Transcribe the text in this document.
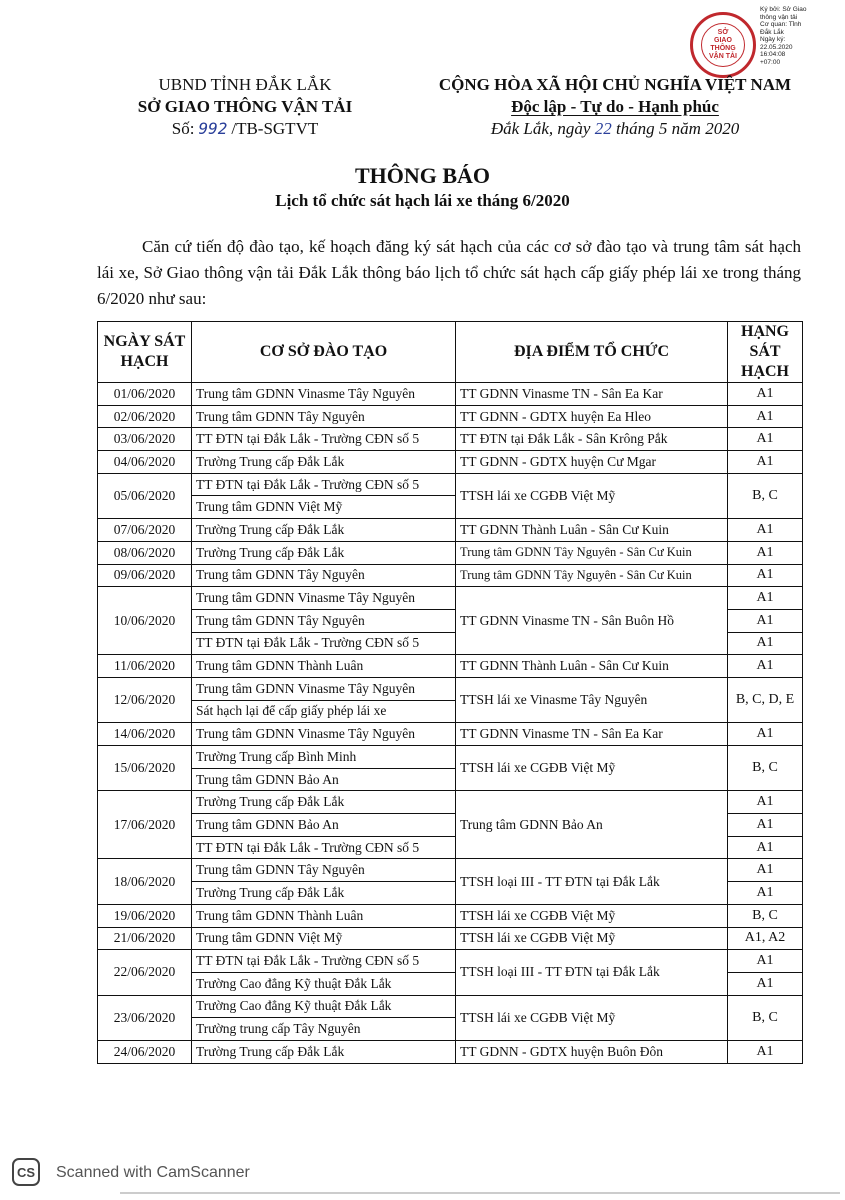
SỞ
GIAO THÔNG
VẬN TẢI
Ký bởi: Sở Giao
thông vận tải
Cơ quan: Tỉnh
Đắk Lắk
Ngày ký:
22.05.2020
16:04:08
+07:00
UBND TỈNH ĐẮK LẮK
SỞ GIAO THÔNG VẬN TẢI
Số: 992 /TB-SGTVT
CỘNG HÒA XÃ HỘI CHỦ NGHĨA VIỆT NAM
Độc lập - Tự do - Hạnh phúc
Đắk Lắk, ngày 22 tháng 5 năm 2020
THÔNG BÁO
Lịch tổ chức sát hạch lái xe tháng 6/2020
Căn cứ tiến độ đào tạo, kế hoạch đăng ký sát hạch của các cơ sở đào tạo và trung tâm sát hạch lái xe, Sở Giao thông vận tải Đắk Lắk thông báo lịch tổ chức sát hạch cấp giấy phép lái xe trong tháng 6/2020 như sau:
NGÀY SÁT HẠCH	CƠ SỞ ĐÀO TẠO	ĐỊA ĐIỂM TỔ CHỨC	HẠNG SÁT HẠCH
01/06/2020	Trung tâm GDNN Vinasme Tây Nguyên	TT GDNN Vinasme TN - Sân Ea Kar	A1
02/06/2020	Trung tâm GDNN Tây Nguyên	TT GDNN - GDTX huyện Ea Hleo	A1
03/06/2020	TT ĐTN tại Đắk Lắk - Trường CĐN số 5	TT ĐTN tại Đắk Lắk - Sân Krông Pắk	A1
04/06/2020	Trường Trung cấp Đắk Lắk	TT GDNN - GDTX huyện Cư Mgar	A1
05/06/2020	TT ĐTN tại Đắk Lắk - Trường CĐN số 5	TTSH lái xe CGĐB Việt Mỹ	B, C
	Trung tâm GDNN Việt Mỹ		
07/06/2020	Trường Trung cấp Đắk Lắk	TT GDNN Thành Luân - Sân Cư Kuin	A1
08/06/2020	Trường Trung cấp Đắk Lắk	Trung tâm GDNN Tây Nguyên - Sân Cư Kuin	A1
09/06/2020	Trung tâm GDNN Tây Nguyên	Trung tâm GDNN Tây Nguyên - Sân Cư Kuin	A1
10/06/2020	Trung tâm GDNN Vinasme Tây Nguyên	TT GDNN Vinasme TN - Sân Buôn Hồ	A1
	Trung tâm GDNN Tây Nguyên		A1
	TT ĐTN tại Đắk Lắk - Trường CĐN số 5		A1
11/06/2020	Trung tâm GDNN Thành Luân	TT GDNN Thành Luân - Sân Cư Kuin	A1
12/06/2020	Trung tâm GDNN Vinasme Tây Nguyên	TTSH lái xe Vinasme Tây Nguyên	B, C, D, E
	Sát hạch lại để cấp giấy phép lái xe		
14/06/2020	Trung tâm GDNN Vinasme Tây Nguyên	TT GDNN Vinasme TN - Sân Ea Kar	A1
15/06/2020	Trường Trung cấp Bình Minh	TTSH lái xe CGĐB Việt Mỹ	B, C
	Trung tâm GDNN Bảo An		
17/06/2020	Trường Trung cấp Đắk Lắk	Trung tâm GDNN Bảo An	A1
	Trung tâm GDNN Bảo An		A1
	TT ĐTN tại Đắk Lắk - Trường CĐN số 5		A1
18/06/2020	Trung tâm GDNN Tây Nguyên	TTSH loại III - TT ĐTN tại Đắk Lắk	A1
	Trường Trung cấp Đắk Lắk		A1
19/06/2020	Trung tâm GDNN Thành Luân	TTSH lái xe CGĐB Việt Mỹ	B, C
21/06/2020	Trung tâm GDNN Việt Mỹ	TTSH lái xe CGĐB Việt Mỹ	A1, A2
22/06/2020	TT ĐTN tại Đắk Lắk - Trường CĐN số 5	TTSH loại III - TT ĐTN tại Đắk Lắk	A1
	Trường Cao đẳng Kỹ thuật Đắk Lắk		A1
23/06/2020	Trường Cao đẳng Kỹ thuật Đắk Lắk	TTSH lái xe CGĐB Việt Mỹ	B, C
	Trường trung cấp Tây Nguyên		
24/06/2020	Trường Trung cấp Đắk Lắk	TT GDNN - GDTX huyện Buôn Đôn	A1
CS	Scanned with CamScanner
